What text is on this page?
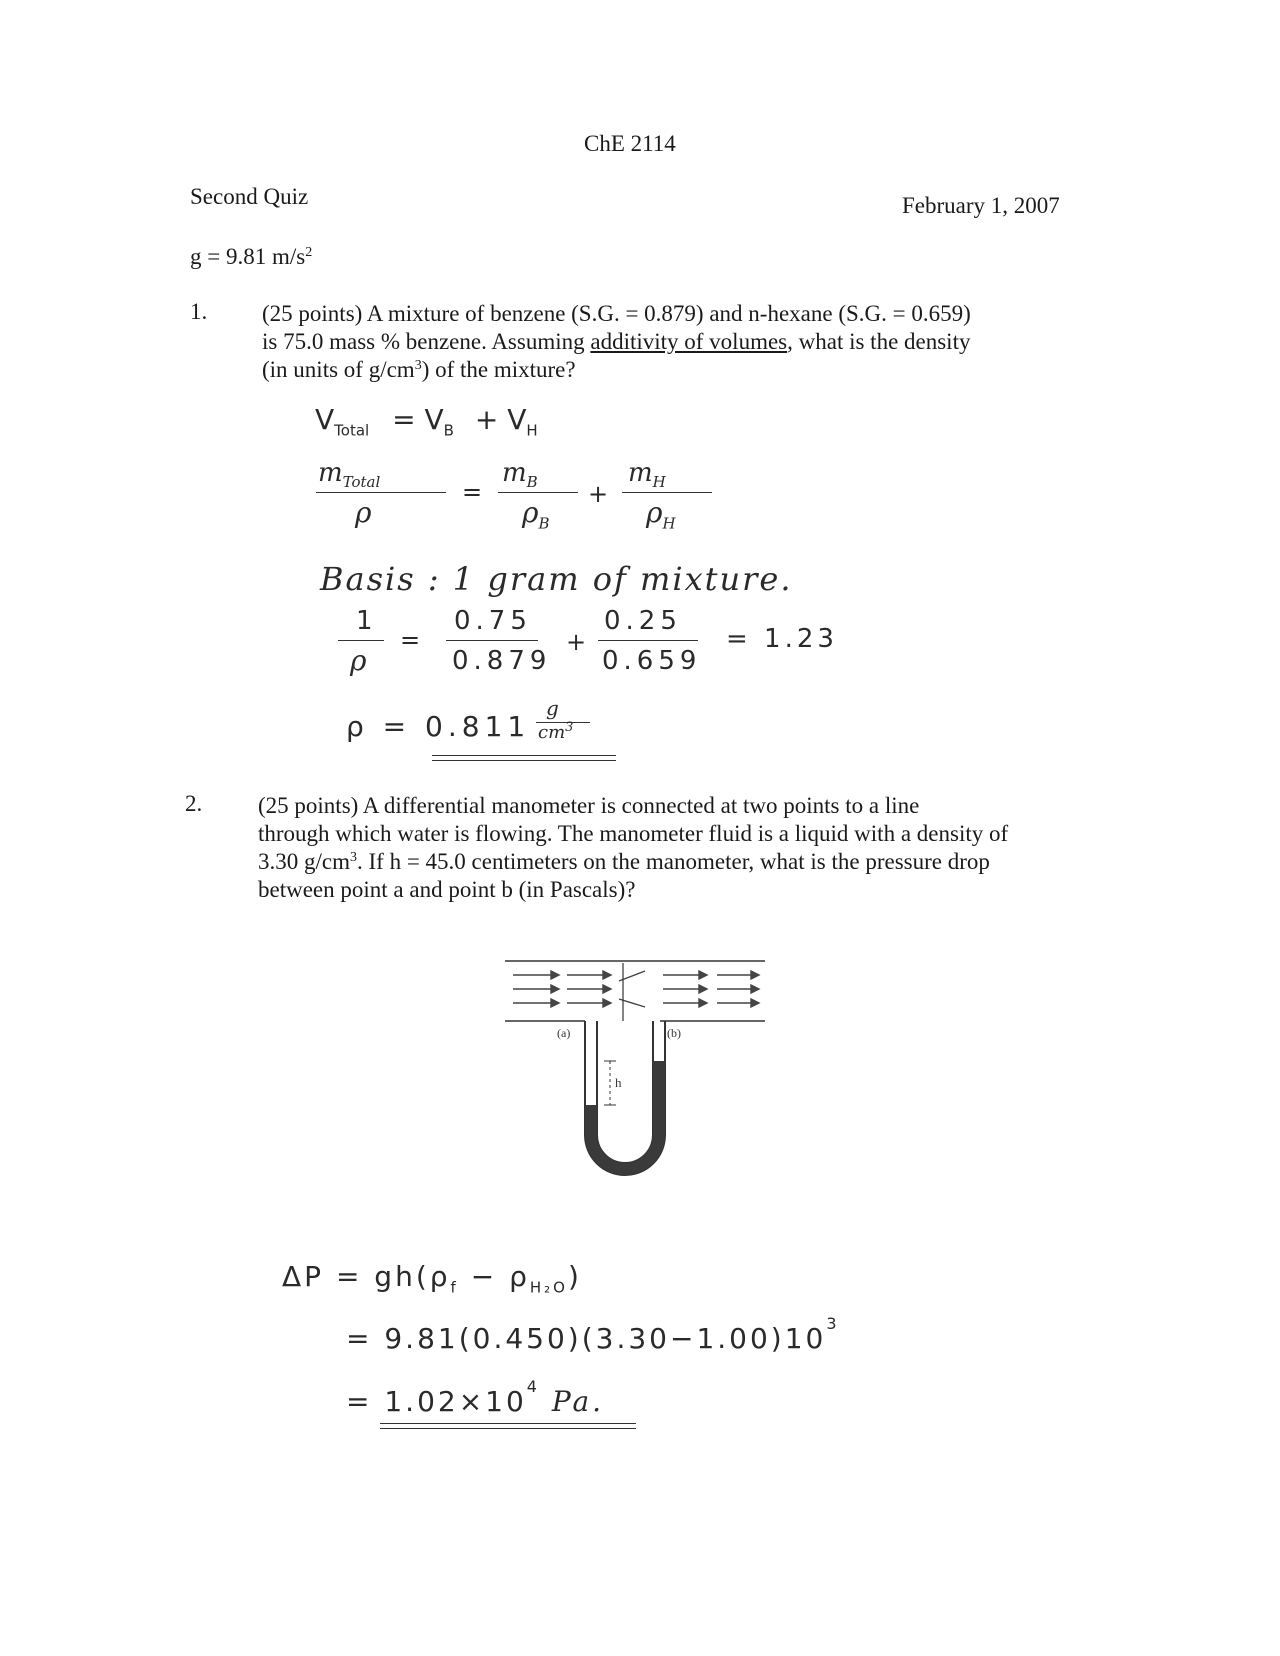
ChE 2114
Second Quiz	February 1, 2007
g = 9.81 $m/s^2$
1. (25 points) A mixture of benzene (S.G. = 0.879) and n-hexane (S.G. = 0.659)
is 75.0 mass % benzene. Assuming additivity of volumes, what is the density
(in units of $g/cm^3$) of the mixture?
$V_{Total} = V_B + V_H$
$m_{Total}$
ρ
=
$m_B$
$\rho_B$
+
$m_H$
$\rho_H$
Basis : 1 gram of mixture.
1
ρ
=
0.75
0.879
+
0.25
0.659
= 1.23
ρ = 0.811
g
$cm^3$
2. (25 points) A differential manometer is connected at two points to a line
through which water is flowing. The manometer fluid is a liquid with a density of
3.30 $g/cm^3$. If h = 45.0 centimeters on the manometer, what is the pressure drop
between point a and point b (in Pascals)?
h
(a)	(b)
$\Delta P = gh(\rho_f - \rho_{H_2O})$
= $9.81(0.450)(3.30-1.00)10^3$
= $1.02\times 10^4$ Pa.
